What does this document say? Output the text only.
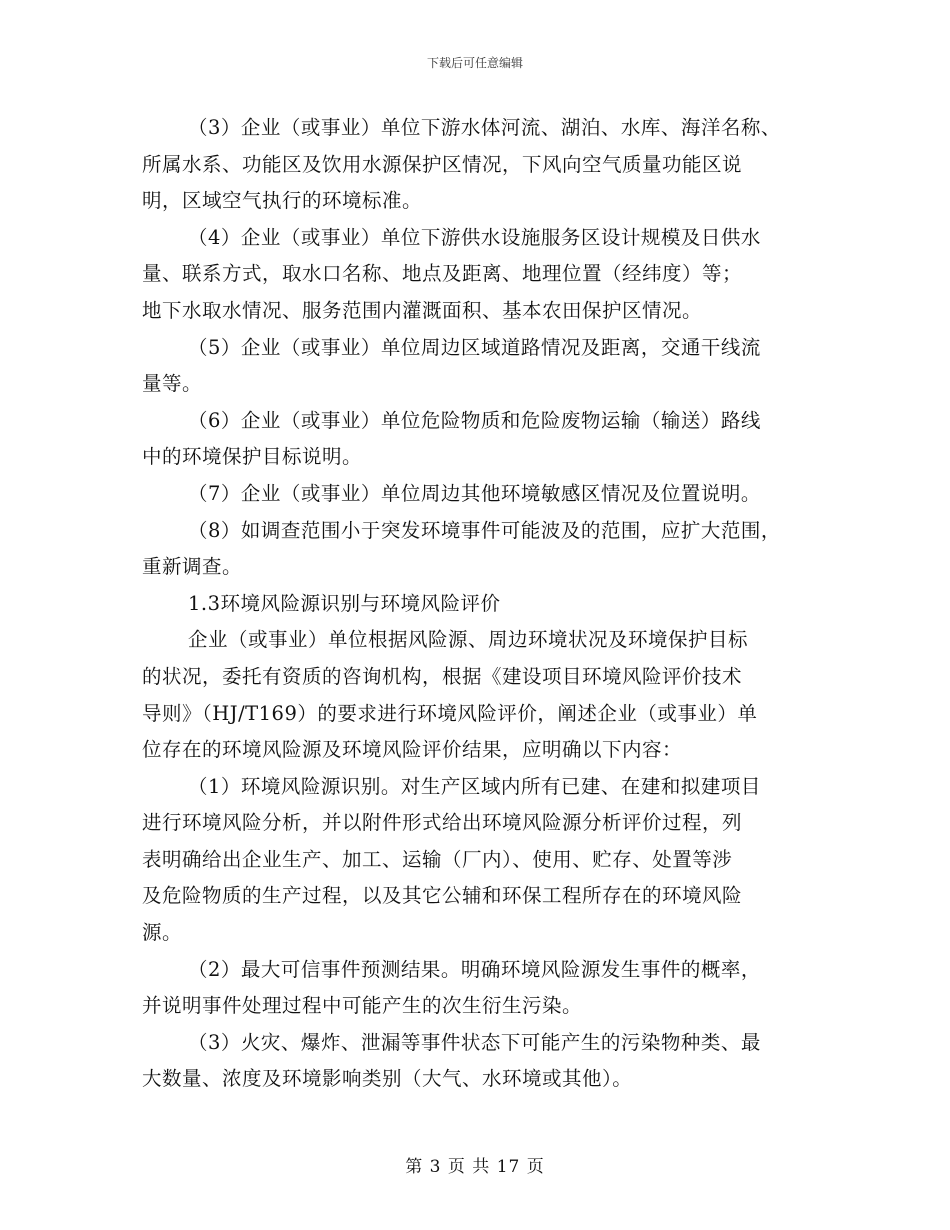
下载后可任意编辑
（3）企业（或事业）单位下游水体河流、湖泊、水库、海洋名称、
所属水系、功能区及饮用水源保护区情况，下风向空气质量功能区说
明，区域空气执行的环境标准。
（4）企业（或事业）单位下游供水设施服务区设计规模及日供水
量、联系方式，取水口名称、地点及距离、地理位置（经纬度）等；
地下水取水情况、服务范围内灌溉面积、基本农田保护区情况。
（5）企业（或事业）单位周边区域道路情况及距离，交通干线流
量等。
（6）企业（或事业）单位危险物质和危险废物运输（输送）路线
中的环境保护目标说明。
（7）企业（或事业）单位周边其他环境敏感区情况及位置说明。
（8）如调查范围小于突发环境事件可能波及的范围，应扩大范围，
重新调查。
1.3环境风险源识别与环境风险评价
企业（或事业）单位根据风险源、周边环境状况及环境保护目标
的状况，委托有资质的咨询机构，根据《建设项目环境风险评价技术
导则》（HJ/T169）的要求进行环境风险评价，阐述企业（或事业）单
位存在的环境风险源及环境风险评价结果，应明确以下内容：
（1）环境风险源识别。对生产区域内所有已建、在建和拟建项目
进行环境风险分析，并以附件形式给出环境风险源分析评价过程，列
表明确给出企业生产、加工、运输（厂内）、使用、贮存、处置等涉
及危险物质的生产过程，以及其它公辅和环保工程所存在的环境风险
源。
（2）最大可信事件预测结果。明确环境风险源发生事件的概率，
并说明事件处理过程中可能产生的次生衍生污染。
（3）火灾、爆炸、泄漏等事件状态下可能产生的污染物种类、最
大数量、浓度及环境影响类别（大气、水环境或其他）。
第 3 页 共 17 页
